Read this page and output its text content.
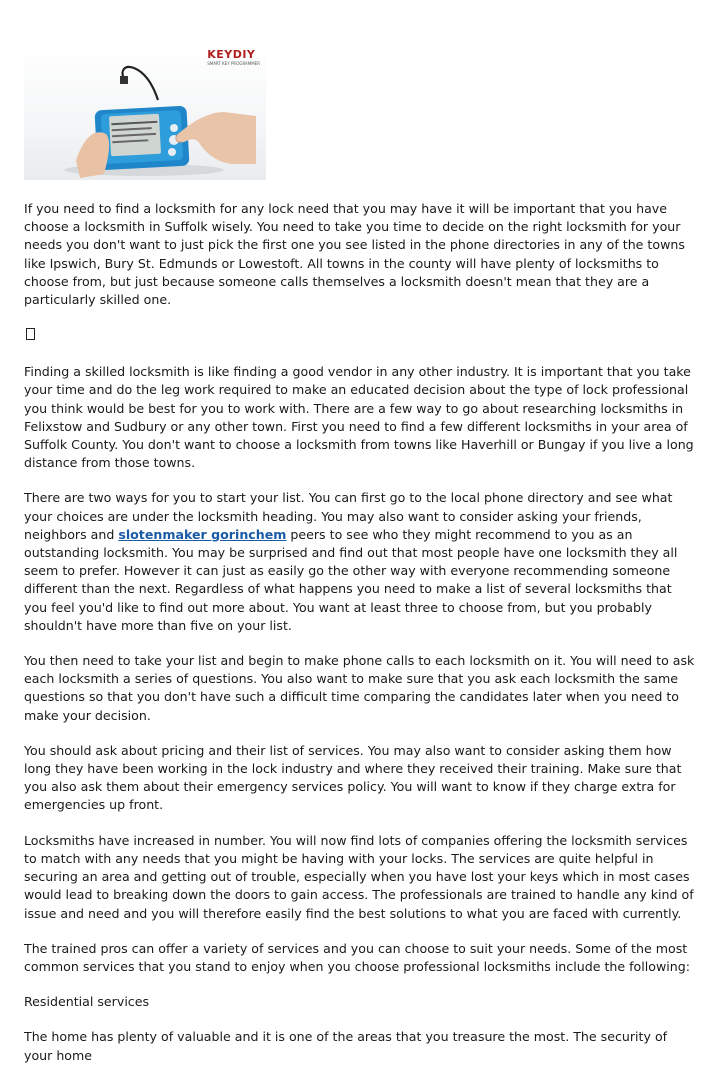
KEYDIY
SMART KEY PROGRAMMER

If you need to find a locksmith for any lock need that you may have it will be important that you have choose a locksmith in Suffolk wisely. You need to take you time to decide on the right locksmith for your needs you don't want to just pick the first one you see listed in the phone directories in any of the towns like Ipswich, Bury St. Edmunds or Lowestoft. All towns in the county will have plenty of locksmiths to choose from, but just because someone calls themselves a locksmith doesn't mean that they are a particularly skilled one.

Finding a skilled locksmith is like finding a good vendor in any other industry. It is important that you take your time and do the leg work required to make an educated decision about the type of lock professional you think would be best for you to work with. There are a few way to go about researching locksmiths in Felixstow and Sudbury or any other town. First you need to find a few different locksmiths in your area of Suffolk County. You don't want to choose a locksmith from towns like Haverhill or Bungay if you live a long distance from those towns.

There are two ways for you to start your list. You can first go to the local phone directory and see what your choices are under the locksmith heading. You may also want to consider asking your friends, neighbors and slotenmaker gorinchem peers to see who they might recommend to you as an outstanding locksmith. You may be surprised and find out that most people have one locksmith they all seem to prefer. However it can just as easily go the other way with everyone recommending someone different than the next. Regardless of what happens you need to make a list of several locksmiths that you feel you'd like to find out more about. You want at least three to choose from, but you probably shouldn't have more than five on your list.

You then need to take your list and begin to make phone calls to each locksmith on it. You will need to ask each locksmith a series of questions. You also want to make sure that you ask each locksmith the same questions so that you don't have such a difficult time comparing the candidates later when you need to make your decision.

You should ask about pricing and their list of services. You may also want to consider asking them how long they have been working in the lock industry and where they received their training. Make sure that you also ask them about their emergency services policy. You will want to know if they charge extra for emergencies up front.

Locksmiths have increased in number. You will now find lots of companies offering the locksmith services to match with any needs that you might be having with your locks. The services are quite helpful in securing an area and getting out of trouble, especially when you have lost your keys which in most cases would lead to breaking down the doors to gain access. The professionals are trained to handle any kind of issue and need and you will therefore easily find the best solutions to what you are faced with currently.

The trained pros can offer a variety of services and you can choose to suit your needs. Some of the most common services that you stand to enjoy when you choose professional locksmiths include the following:

Residential services

The home has plenty of valuable and it is one of the areas that you treasure the most. The security of your home
